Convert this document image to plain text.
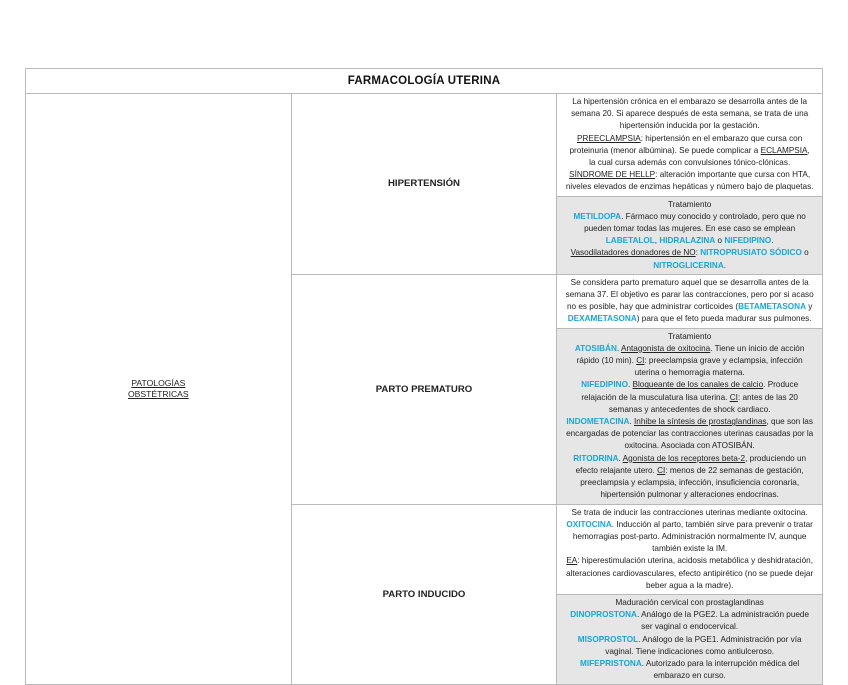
FARMACOLOGÍA UTERINA		
PATOLOGÍAS OBSTÉTRICAS	HIPERTENSIÓN	La hipertensión crónica en el embarazo se desarrolla antes de la semana 20. Si aparece después de esta semana, se trata de una hipertensión inducida por la gestación.

PREECLAMPSIA: hipertensión en el embarazo que cursa con proteinuria (menor albúmina). Se puede complicar a ECLAMPSIA, la cual cursa además con convulsiones tónico-clónicas.

SÍNDROME DE HELLP: alteración importante que cursa con HTA, niveles elevados de enzimas hepáticas y número bajo de plaquetas.

		Tratamiento

METILDOPA. Fármaco muy conocido y controlado, pero que no pueden tomar todas las mujeres. En ese caso se emplean LABETALOL, HIDRALAZINA o NIFEDIPINO.

Vasodilatadores donadores de NO: NITROPRUSIATO SÓDICO o NITROGLICERINA.

	PARTO PREMATURO	Se considera parto prematuro aquel que se desarrolla antes de la semana 37. El objetivo es parar las contracciones, pero por si acaso no es posible, hay que administrar corticoides (BETAMETASONA y DEXAMETASONA) para que el feto pueda madurar sus pulmones.

		Tratamiento

ATOSIBÁN. Antagonista de oxitocina. Tiene un inicio de acción rápido (10 min). CI: preeclampsia grave y eclampsia, infección uterina o hemorragia materna.

NIFEDIPINO. Bloqueante de los canales de calcio. Produce relajación de la musculatura lisa uterina. CI: antes de las 20 semanas y antecedentes de shock cardiaco.

INDOMETACINA. Inhibe la síntesis de prostaglandinas, que son las encargadas de potenciar las contracciones uterinas causadas por la oxitocina. Asociada con ATOSIBÁN.

RITODRINA. Agonista de los receptores beta-2, produciendo un efecto relajante utero. CI: menos de 22 semanas de gestación, preeclampsia y eclampsia, infección, insuficiencia coronaria, hipertensión pulmonar y alteraciones endocrinas.

	PARTO INDUCIDO	Se trata de inducir las contracciones uterinas mediante oxitocina.

OXITOCINA. Inducción al parto, también sirve para prevenir o tratar hemorragias post-parto. Administración normalmente IV, aunque también existe la IM.

EA: hiperestimulación uterina, acidosis metabólica y deshidratación, alteraciones cardiovasculares, efecto antipirético (no se puede dejar beber agua a la madre).

		Maduración cervical con prostaglandinas

DINOPROSTONA. Análogo de la PGE2. La administración puede ser vaginal o endocervical.

MISOPROSTOL. Análogo de la PGE1. Administración por vía vaginal. Tiene indicaciones como antiulceroso.

MIFEPRISTONA. Autorizado para la interrupción médica del embarazo en curso.
